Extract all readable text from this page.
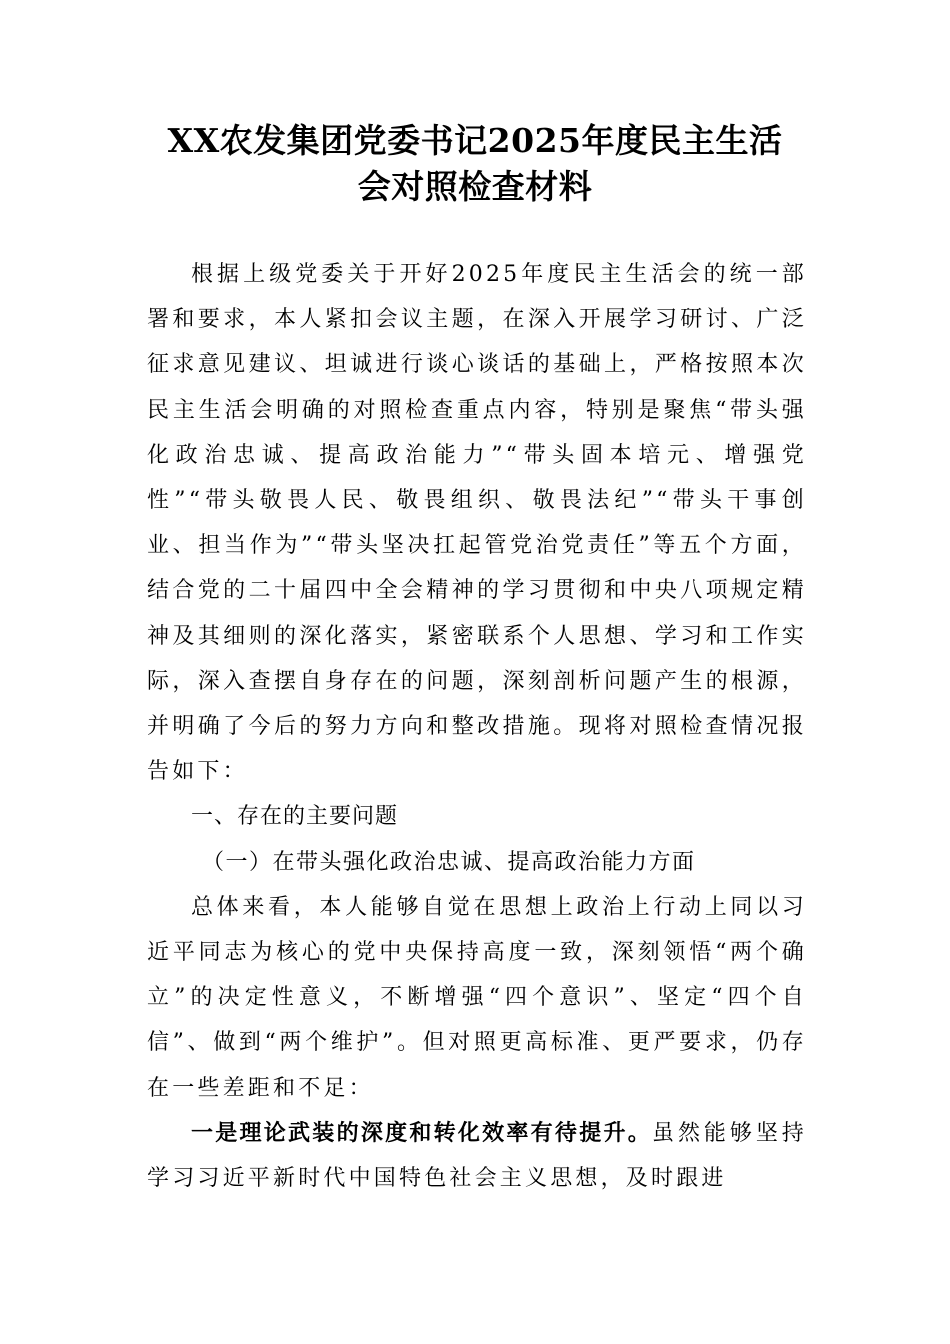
XX农发集团党委书记2025年度民主生活
会对照检查材料

根据上级党委关于开好2025年度民主生活会的统一部署和要求，本人紧扣会议主题，在深入开展学习研讨、广泛征求意见建议、坦诚进行谈心谈话的基础上，严格按照本次民主生活会明确的对照检查重点内容，特别是聚焦“带头强化政治忠诚、提高政治能力”“带头固本培元、增强党性”“带头敬畏人民、敬畏组织、敬畏法纪”“带头干事创业、担当作为”“带头坚决扛起管党治党责任”等五个方面，结合党的二十届四中全会精神的学习贯彻和中央八项规定精神及其细则的深化落实，紧密联系个人思想、学习和工作实际，深入查摆自身存在的问题，深刻剖析问题产生的根源，并明确了今后的努力方向和整改措施。现将对照检查情况报告如下：

一、存在的主要问题

（一）在带头强化政治忠诚、提高政治能力方面

总体来看，本人能够自觉在思想上政治上行动上同以习近平同志为核心的党中央保持高度一致，深刻领悟“两个确立”的决定性意义，不断增强“四个意识”、坚定“四个自信”、做到“两个维护”。但对照更高标准、更严要求，仍存在一些差距和不足：

一是理论武装的深度和转化效率有待提升。虽然能够坚持学习习近平新时代中国特色社会主义思想，及时跟进
